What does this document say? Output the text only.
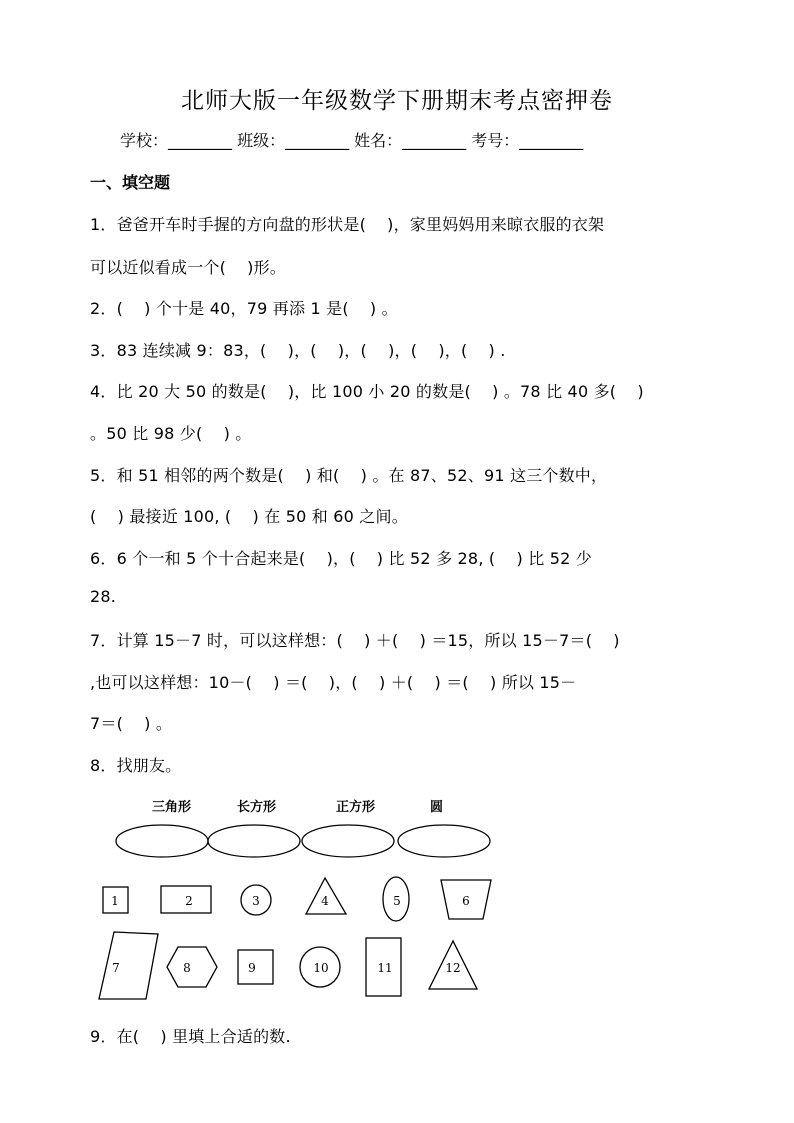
北师大版一年级数学下册期末考点密押卷
学校：________ 班级：________ 姓名：________ 考号：________
一、填空题
1．爸爸开车时手握的方向盘的形状是(    )，家里妈妈用来晾衣服的衣架
可以近似看成一个(    )形。
2．(    ) 个十是 40，79 再添 1 是(    ) 。
3．83 连续减 9：83，(    )，(    )，(    )，(    )，(    ) .
4．比 20 大 50 的数是(    )，比 100 小 20 的数是(    ) 。78 比 40 多(    )
。50 比 98 少(    ) 。
5．和 51 相邻的两个数是(    ) 和(    ) 。在 87、52、91 这三个数中，
(    ) 最接近 100, (    ) 在 50 和 60 之间。
6．6 个一和 5 个十合起来是(    )，(    ) 比 52 多 28, (    ) 比 52 少
28.
7．计算 15－7 时，可以这样想：(    ) ＋(    ) ＝15，所以 15－7＝(    )
,也可以这样想：10－(    ) ＝(    )，(    ) ＋(    ) ＝(    ) 所以 15－
7＝(    ) 。
8．找朋友。
9．在(    ) 里填上合适的数.
三角形	长方形	正方形	圆
1	2	3	4	5	6
7	8	9	10	11	12
